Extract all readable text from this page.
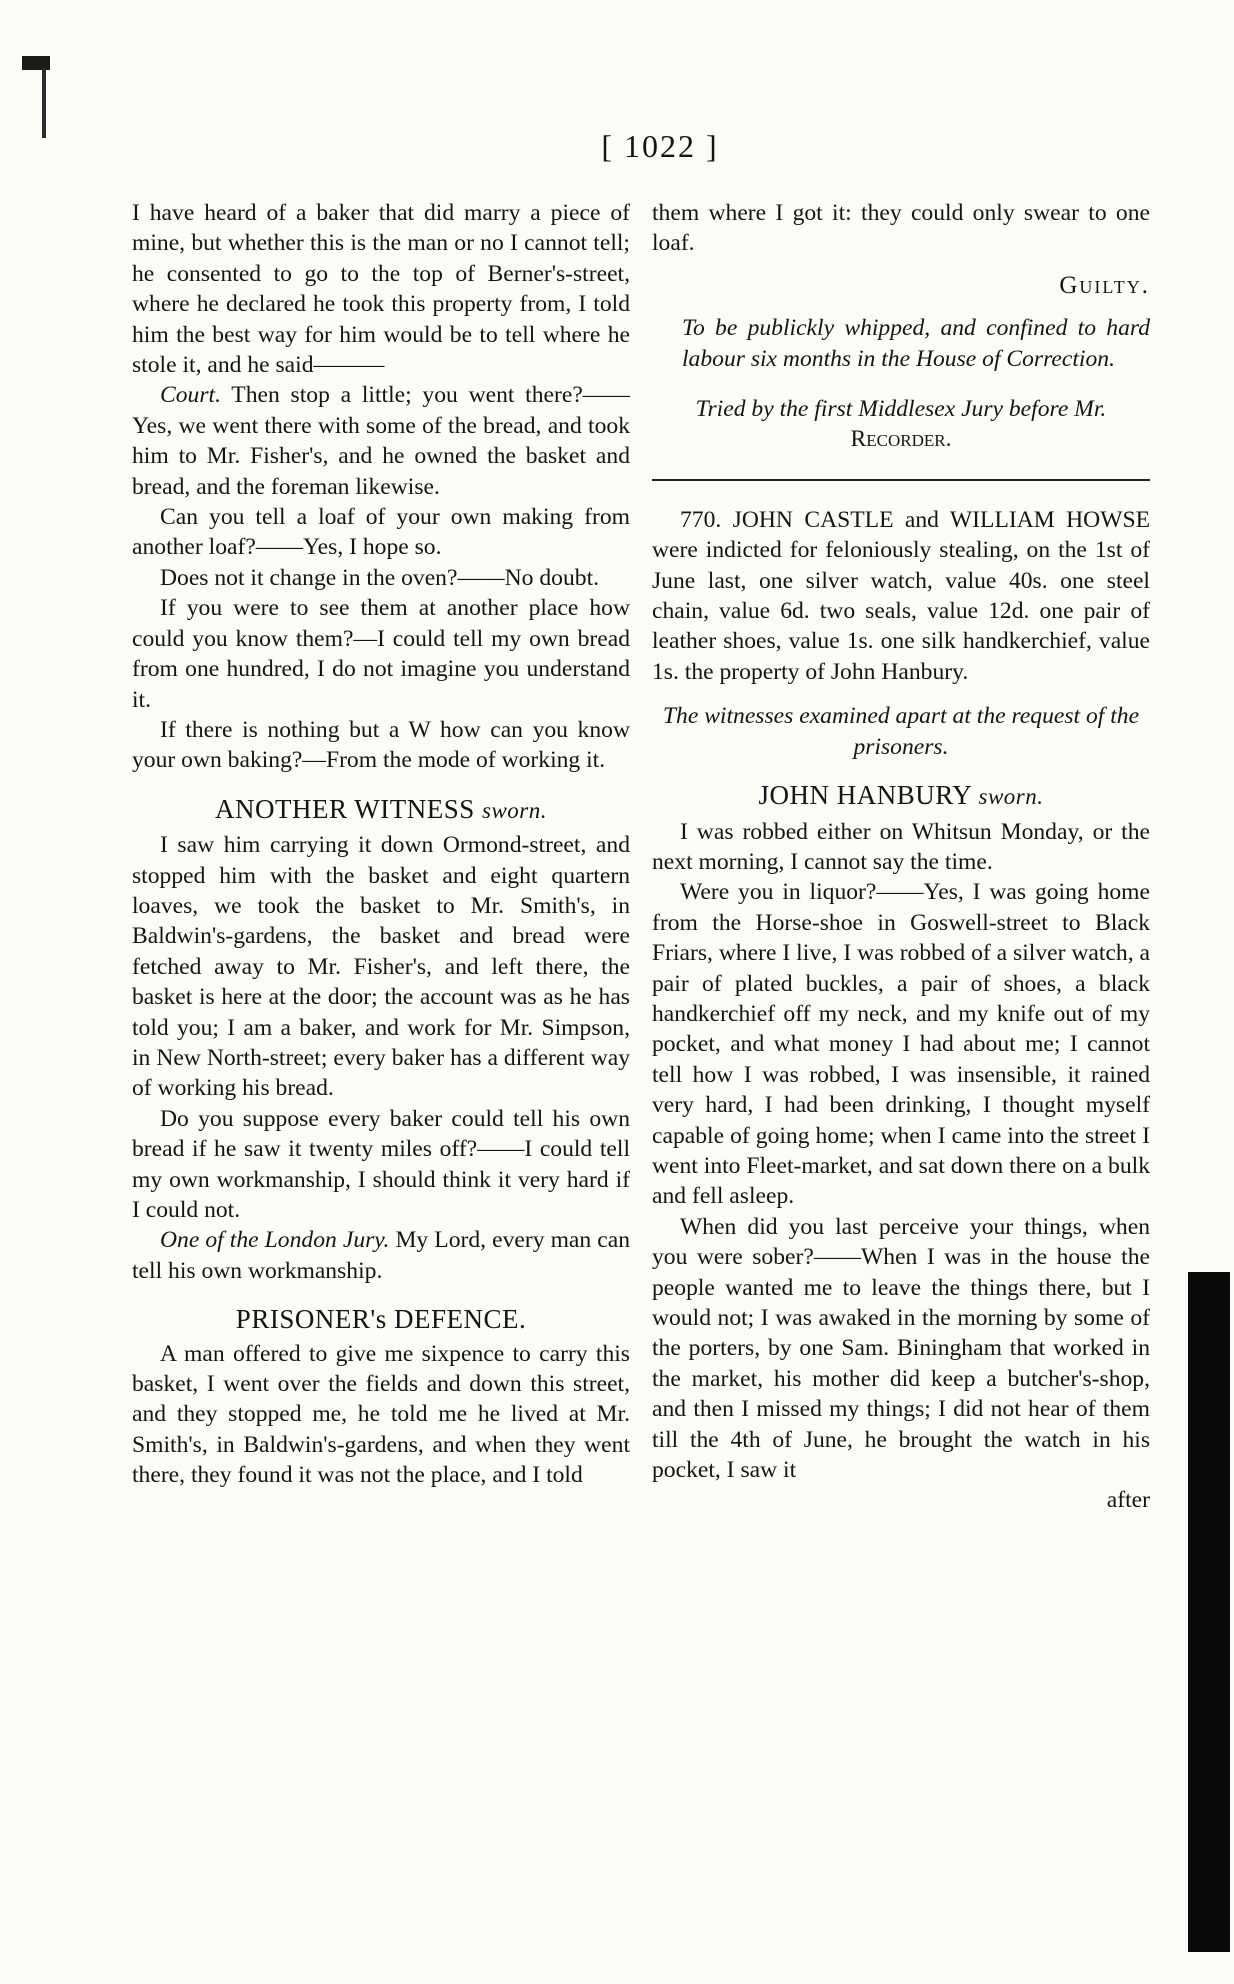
[ 1022 ]

I have heard of a baker that did marry a piece of mine, but whether this is the man or no I cannot tell; he consented to go to the top of Berner's-street, where he declared he took this property from, I told him the best way for him would be to tell where he stole it, and he said———

Court. Then stop a little; you went there?——Yes, we went there with some of the bread, and took him to Mr. Fisher's, and he owned the basket and bread, and the foreman likewise.

Can you tell a loaf of your own making from another loaf?——Yes, I hope so.

Does not it change in the oven?——No doubt.

If you were to see them at another place how could you know them?—I could tell my own bread from one hundred, I do not imagine you understand it.

If there is nothing but a W how can you know your own baking?—From the mode of working it.

ANOTHER WITNESS sworn.

I saw him carrying it down Ormond-street, and stopped him with the basket and eight quartern loaves, we took the basket to Mr. Smith's, in Baldwin's-gardens, the basket and bread were fetched away to Mr. Fisher's, and left there, the basket is here at the door; the account was as he has told you; I am a baker, and work for Mr. Simpson, in New North-street; every baker has a different way of working his bread.

Do you suppose every baker could tell his own bread if he saw it twenty miles off?——I could tell my own workmanship, I should think it very hard if I could not.

One of the London Jury. My Lord, every man can tell his own workmanship.

PRISONER's DEFENCE.

A man offered to give me sixpence to carry this basket, I went over the fields and down this street, and they stopped me, he told me he lived at Mr. Smith's, in Baldwin's-gardens, and when they went there, they found it was not the place, and I told

them where I got it: they could only swear to one loaf.

Guilty.

To be publickly whipped, and confined to hard labour six months in the House of Correction.

Tried by the first Middlesex Jury before Mr. Recorder.

770. JOHN CASTLE and WILLIAM HOWSE were indicted for feloniously stealing, on the 1st of June last, one silver watch, value 40s. one steel chain, value 6d. two seals, value 12d. one pair of leather shoes, value 1s. one silk handkerchief, value 1s. the property of John Hanbury.

The witnesses examined apart at the request of the prisoners.

JOHN HANBURY sworn.

I was robbed either on Whitsun Monday, or the next morning, I cannot say the time.

Were you in liquor?——Yes, I was going home from the Horse-shoe in Goswell-street to Black Friars, where I live, I was robbed of a silver watch, a pair of plated buckles, a pair of shoes, a black handkerchief off my neck, and my knife out of my pocket, and what money I had about me; I cannot tell how I was robbed, I was insensible, it rained very hard, I had been drinking, I thought myself capable of going home; when I came into the street I went into Fleet-market, and sat down there on a bulk and fell asleep.

When did you last perceive your things, when you were sober?——When I was in the house the people wanted me to leave the things there, but I would not; I was awaked in the morning by some of the porters, by one Sam. Biningham that worked in the market, his mother did keep a butcher's-shop, and then I missed my things; I did not hear of them till the 4th of June, he brought the watch in his pocket, I saw it

after
